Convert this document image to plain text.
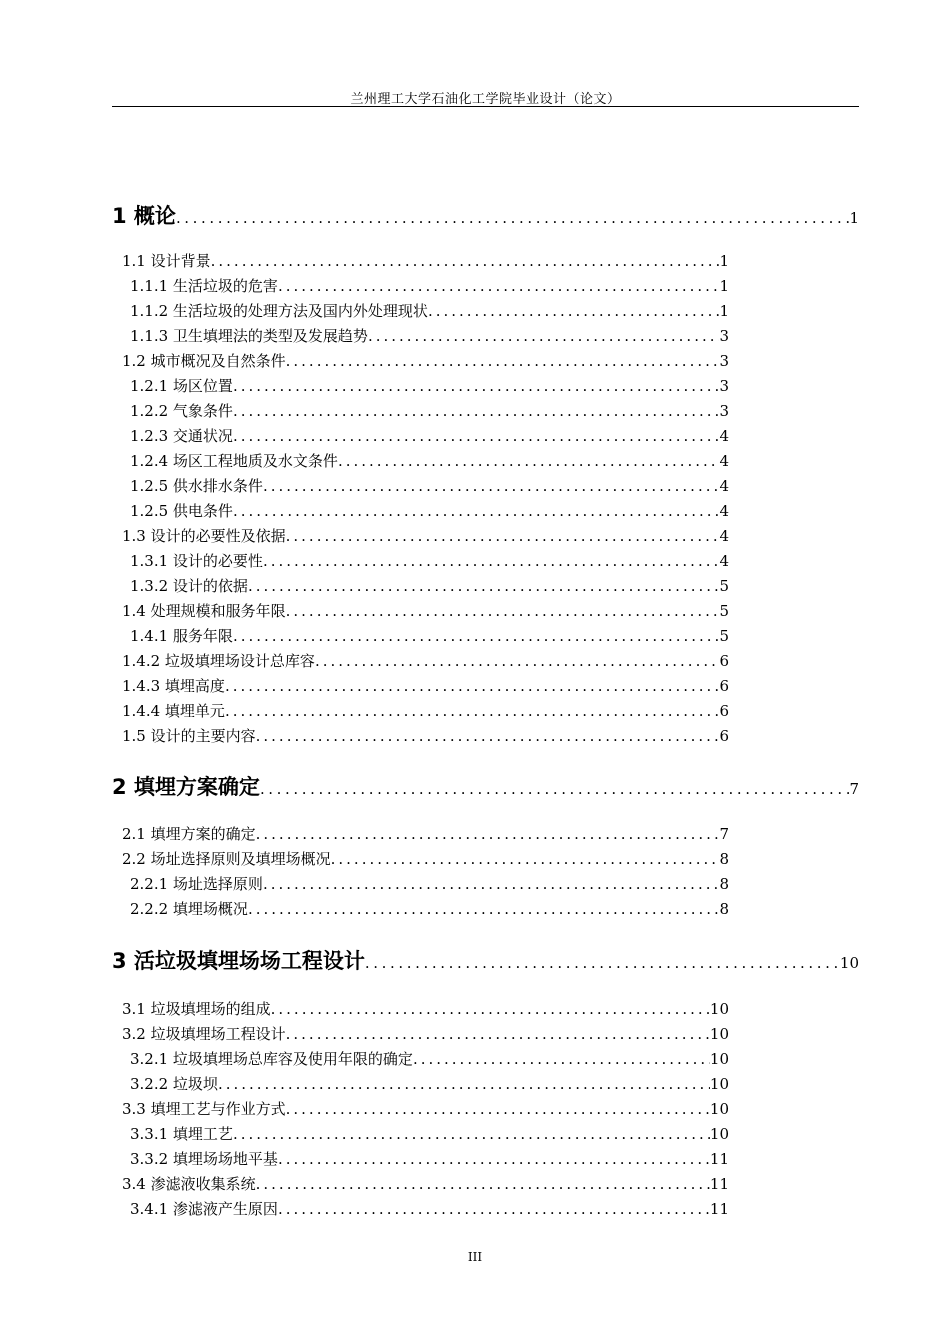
兰州理工大学石油化工学院毕业设计（论文）
1 概论 .....	1
1.1 设计背景 .....	1
1.1.1 生活垃圾的危害 .....	1
1.1.2 生活垃圾的处理方法及国内外处理现状 .....	1
1.1.3 卫生填埋法的类型及发展趋势 .....	3
1.2 城市概况及自然条件 .....	3
1.2.1 场区位置 .....	3
1.2.2 气象条件 .....	3
1.2.3 交通状况 .....	4
1.2.4 场区工程地质及水文条件 .....	4
1.2.5 供水排水条件 .....	4
1.2.5 供电条件 .....	4
1.3 设计的必要性及依据 .....	4
1.3.1 设计的必要性 .....	4
1.3.2 设计的依据 .....	5
1.4 处理规模和服务年限 .....	5
1.4.1 服务年限 .....	5
1.4.2 垃圾填埋场设计总库容 .....	6
1.4.3 填埋高度 .....	6
1.4.4 填埋单元 .....	6
1.5 设计的主要内容 .....	6
2 填埋方案确定 .....	7
2.1 填埋方案的确定 .....	7
2.2 场址选择原则及填埋场概况 .....	8
2.2.1 场址选择原则 .....	8
2.2.2 填埋场概况 .....	8
3 活垃圾填埋场场工程设计 .....	10
3.1 垃圾填埋场的组成 .....	10
3.2 垃圾填埋场工程设计 .....	10
3.2.1 垃圾填埋场总库容及使用年限的确定 .....	10
3.2.2 垃圾坝 .....	10
3.3 填埋工艺与作业方式 .....	10
3.3.1 填埋工艺 .....	10
3.3.2 填埋场场地平基 .....	11
3.4 渗滤液收集系统 .....	11
3.4.1 渗滤液产生原因 .....	11
III
